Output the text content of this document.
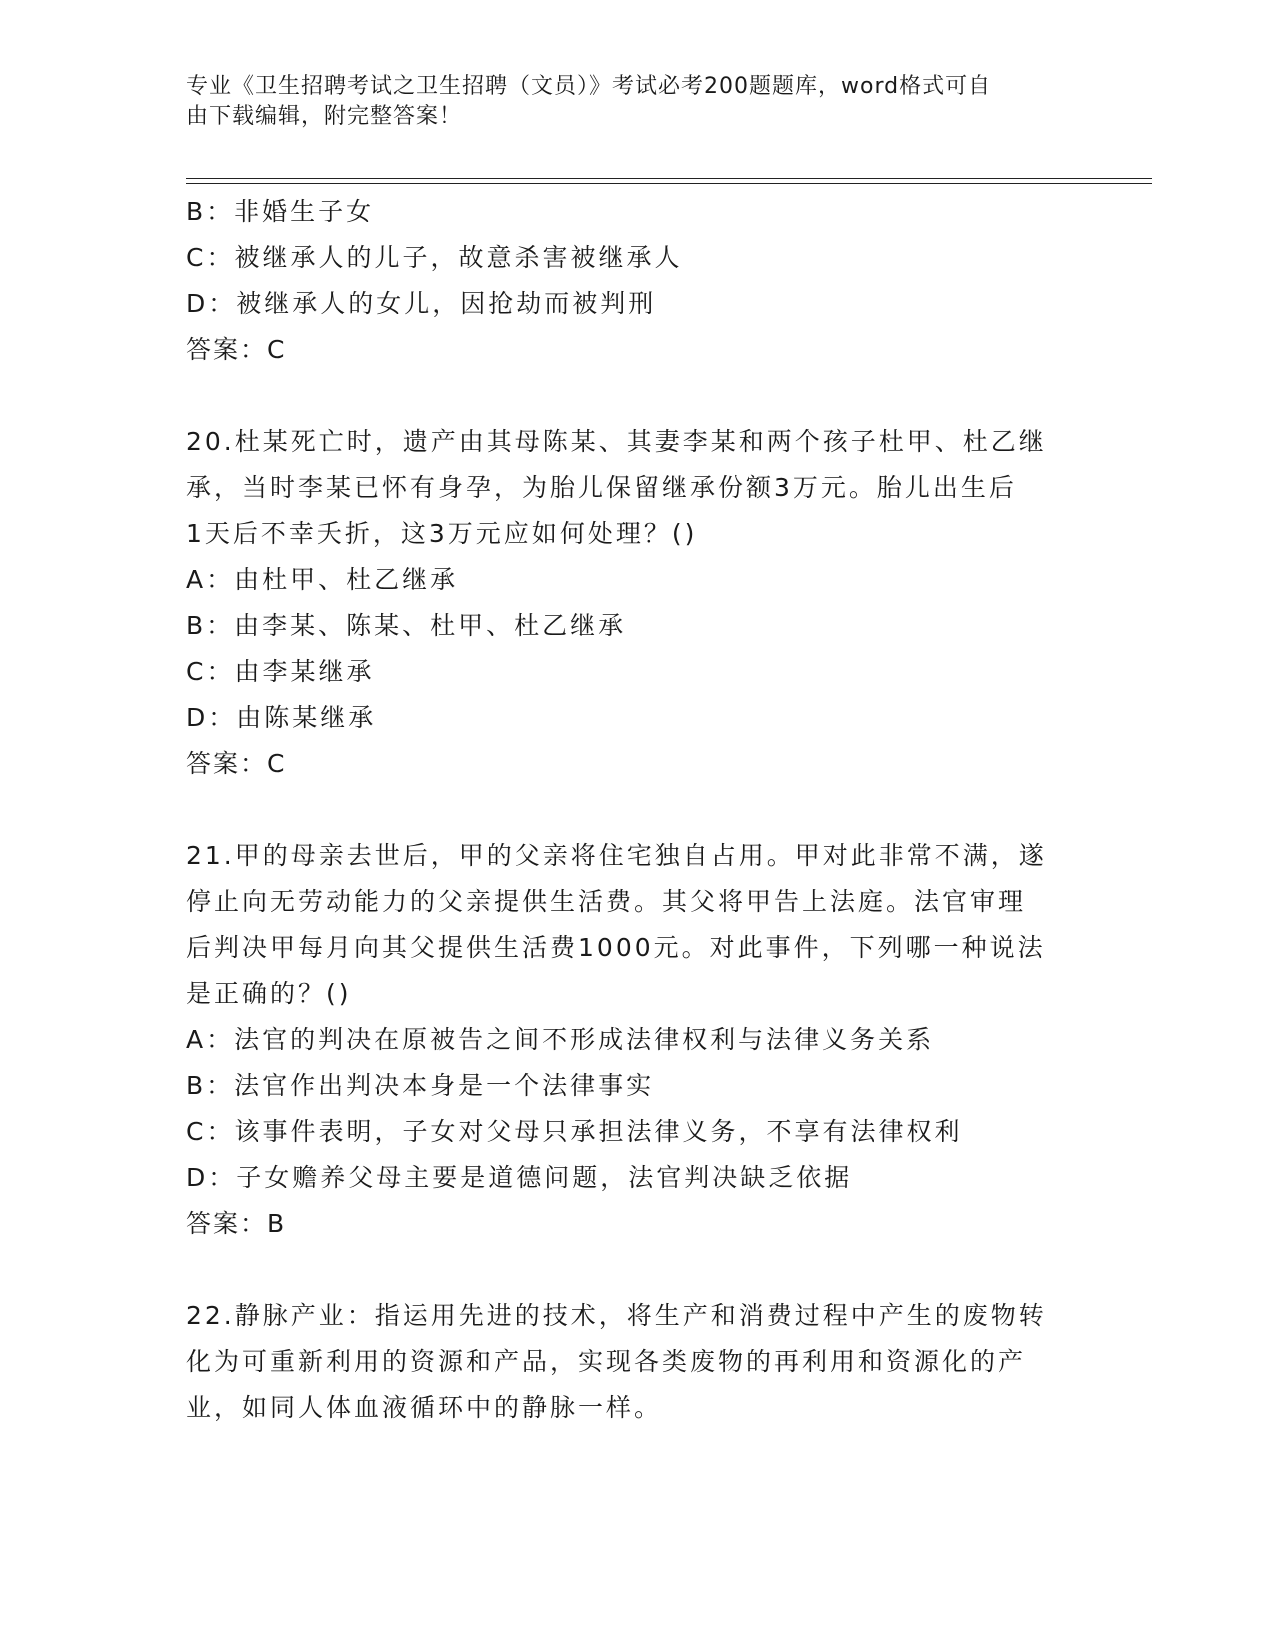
专业《卫生招聘考试之卫生招聘（文员）》考试必考200题题库，word格式可自
由下载编辑，附完整答案！

B：非婚生子女

C：被继承人的儿子，故意杀害被继承人

D：被继承人的女儿，因抢劫而被判刑

答案：C

20.杜某死亡时，遗产由其母陈某、其妻李某和两个孩子杜甲、杜乙继

承，当时李某已怀有身孕，为胎儿保留继承份额3万元。胎儿出生后

1天后不幸夭折，这3万元应如何处理？()

A：由杜甲、杜乙继承

B：由李某、陈某、杜甲、杜乙继承

C：由李某继承

D：由陈某继承

答案：C

21.甲的母亲去世后，甲的父亲将住宅独自占用。甲对此非常不满，遂

停止向无劳动能力的父亲提供生活费。其父将甲告上法庭。法官审理

后判决甲每月向其父提供生活费1000元。对此事件，下列哪一种说法

是正确的？()

A：法官的判决在原被告之间不形成法律权利与法律义务关系

B：法官作出判决本身是一个法律事实

C：该事件表明，子女对父母只承担法律义务，不享有法律权利

D：子女赡养父母主要是道德问题，法官判决缺乏依据

答案：B

22.静脉产业：指运用先进的技术，将生产和消费过程中产生的废物转

化为可重新利用的资源和产品，实现各类废物的再利用和资源化的产

业，如同人体血液循环中的静脉一样。
